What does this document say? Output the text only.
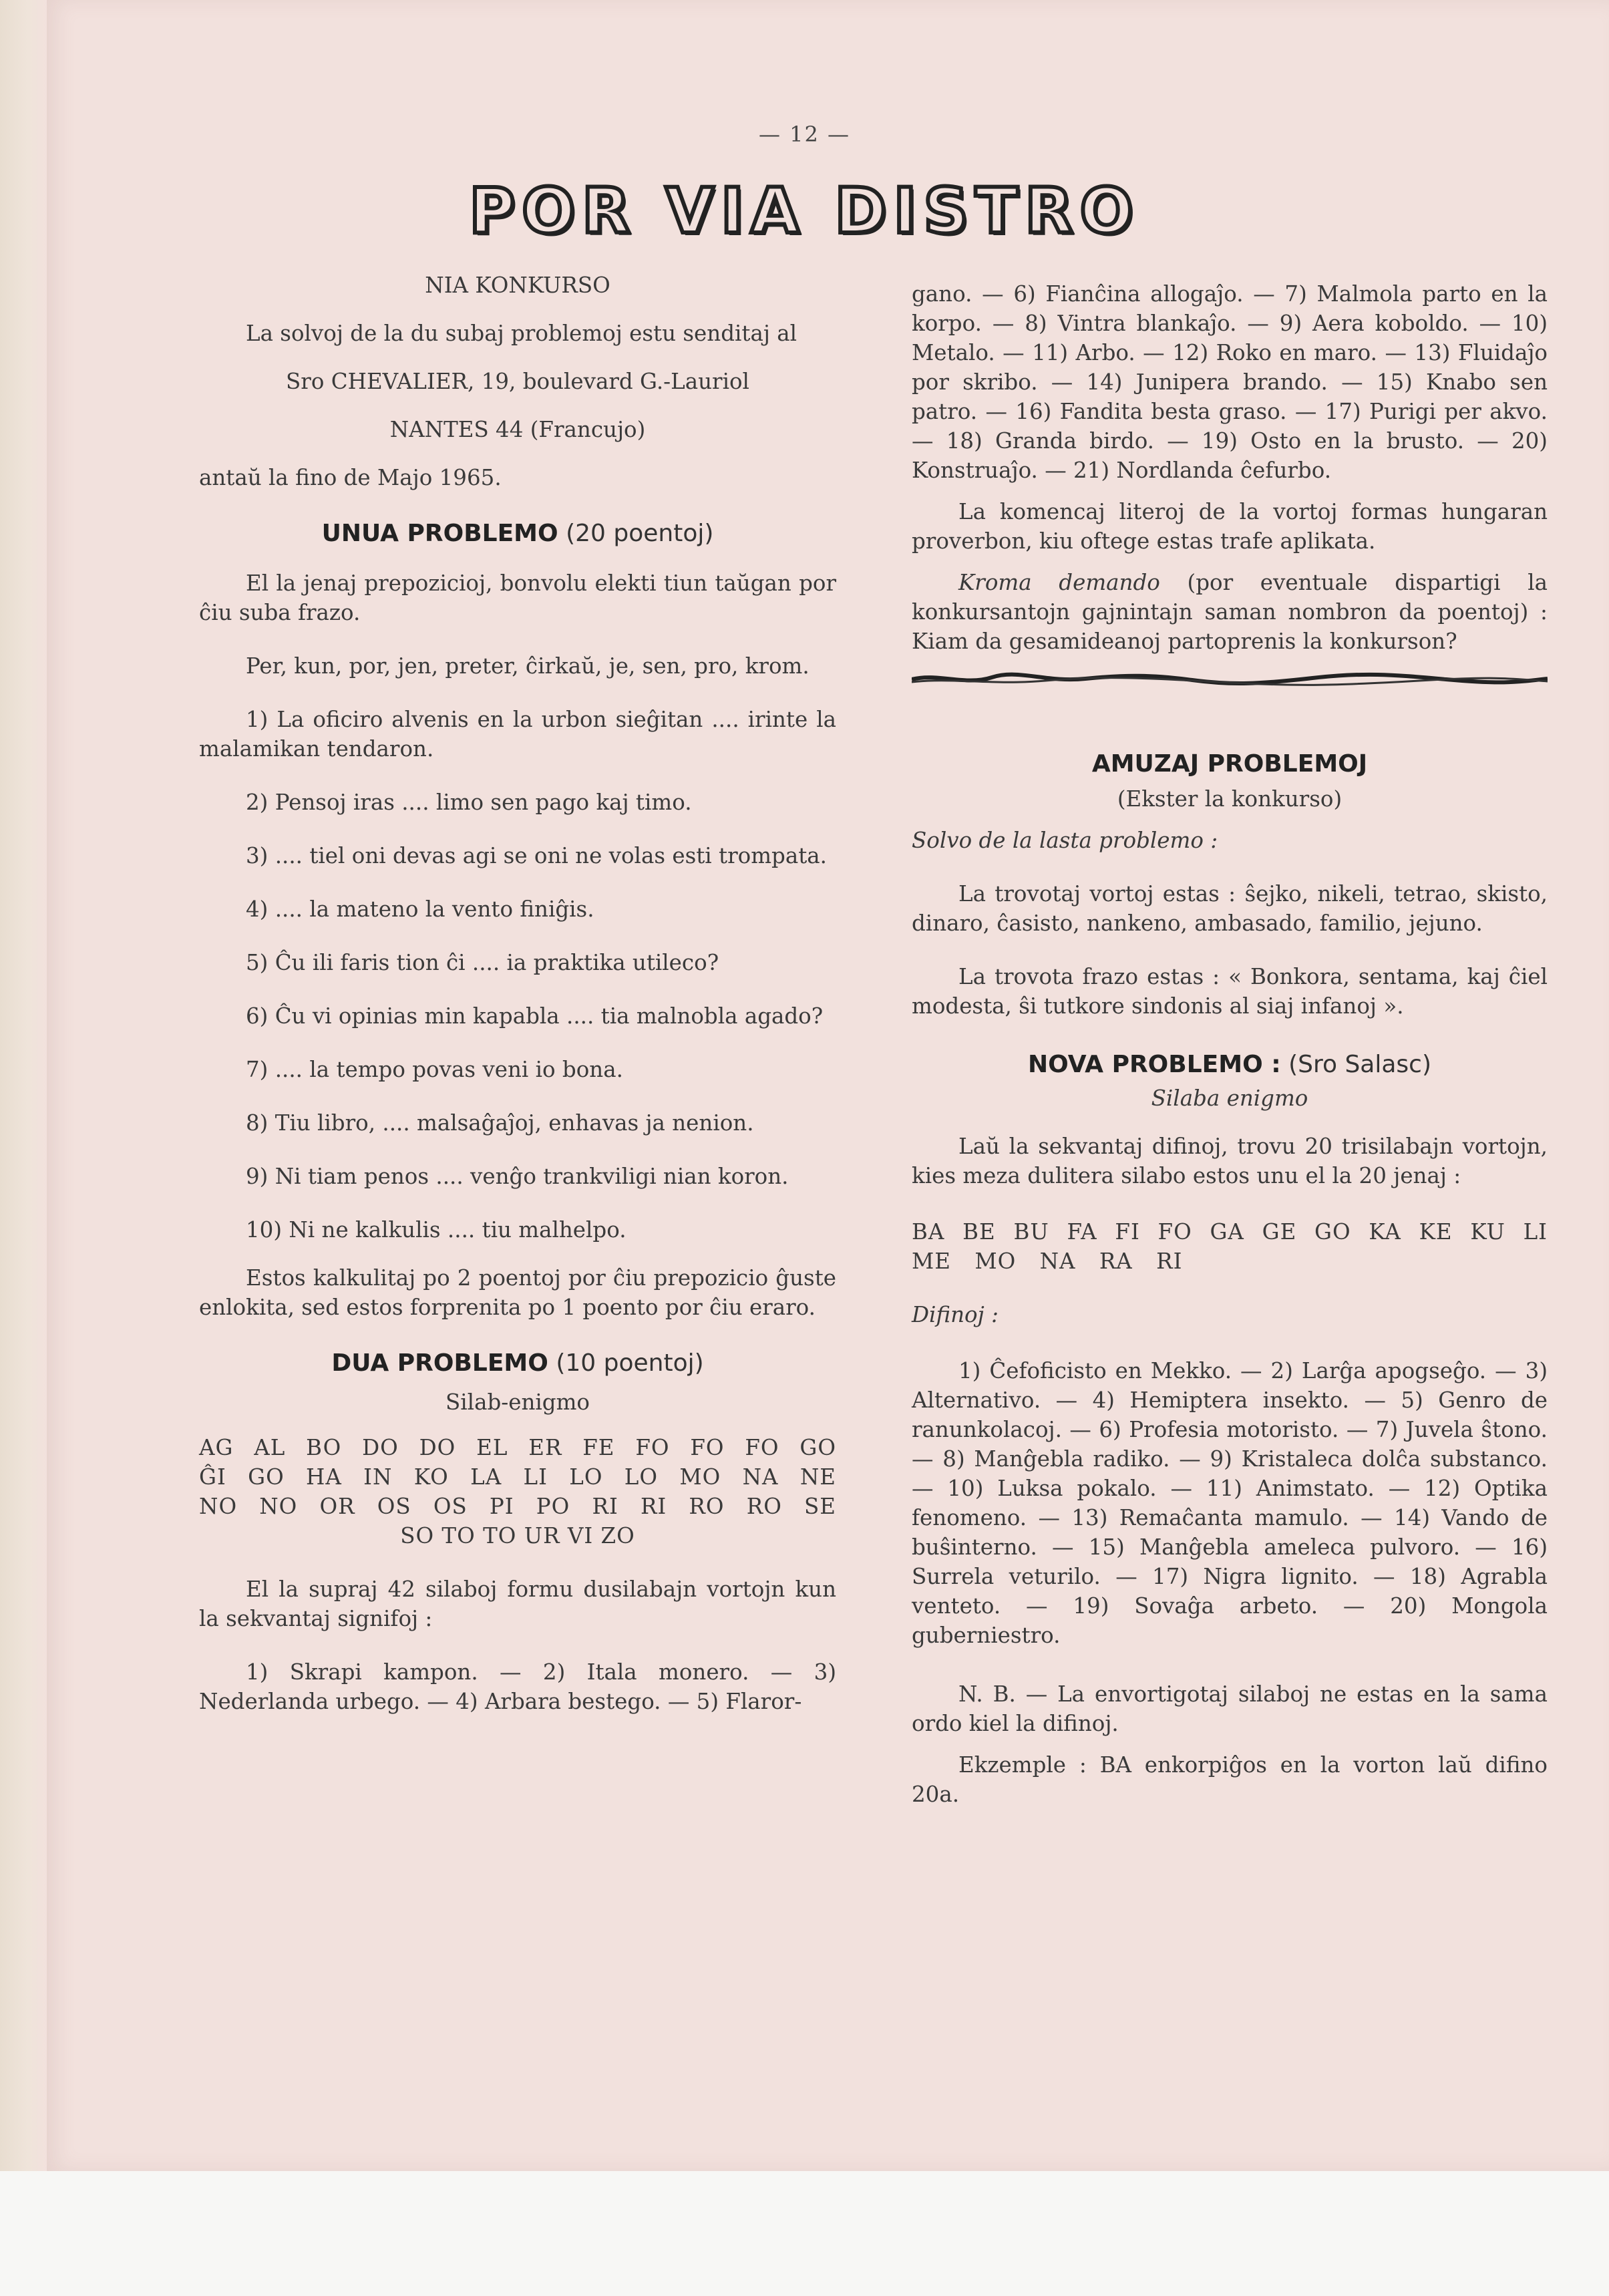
— 12 —
POR VIA DISTRO

NIA KONKURSO

La solvoj de la du subaj problemoj estu senditaj al

Sro CHEVALIER, 19, boulevard G.-Lauriol

NANTES 44 (Francujo)

antaŭ la fino de Majo 1965.

UNUA PROBLEMO (20 poentoj)

El la jenaj prepozicioj, bonvolu elekti tiun taŭgan por ĉiu suba frazo.

Per, kun, por, jen, preter, ĉirkaŭ, je, sen, pro, krom.

1) La oficiro alvenis en la urbon sieĝitan .... irinte la malamikan tendaron.

2) Pensoj iras .... limo sen pago kaj timo.

3) .... tiel oni devas agi se oni ne volas esti trompata.

4) .... la mateno la vento finiĝis.

5) Ĉu ili faris tion ĉi .... ia praktika utileco?

6) Ĉu vi opinias min kapabla .... tia malnobla agado?

7) .... la tempo povas veni io bona.

8) Tiu libro, .... malsaĝaĵoj, enhavas ja nenion.

9) Ni tiam penos .... venĝo trankviligi nian koron.

10) Ni ne kalkulis .... tiu malhelpo.

Estos kalkulitaj po 2 poentoj por ĉiu prepozicio ĝuste enlokita, sed estos forprenita po 1 poento por ĉiu eraro.

DUA PROBLEMO (10 poentoj)

Silab-enigmo

AG AL BO DO DO EL ER FE FO FO FO GO
ĜI GO HA IN KO LA LI LO LO MO NA NE
NO NO OR OS OS PI PO RI RI RO RO SE
SO TO TO UR VI ZO

El la supraj 42 silaboj formu dusilabajn vortojn kun la sekvantaj signifoj :

1) Skrapi kampon. — 2) Itala monero. — 3) Nederlanda urbego. — 4) Arbara bestego. — 5) Flaror-

gano. — 6) Fianĉina allogaĵo. — 7) Malmola parto en la korpo. — 8) Vintra blankaĵo. — 9) Aera koboldo. — 10) Metalo. — 11) Arbo. — 12) Roko en maro. — 13) Fluidaĵo por skribo. — 14) Junipera brando. — 15) Knabo sen patro. — 16) Fandita besta graso. — 17) Purigi per akvo. — 18) Granda birdo. — 19) Osto en la brusto. — 20) Konstruaĵo. — 21) Nordlanda ĉefurbo.

La komencaj literoj de la vortoj formas hungaran proverbon, kiu oftege estas trafe aplikata.

Kroma demando (por eventuale dispartigi la konkursantojn gajnintajn saman nombron da poentoj) : Kiam da gesamideanoj partoprenis la konkurson?

AMUZAJ PROBLEMOJ

(Ekster la konkurso)

Solvo de la lasta problemo :

La trovotaj vortoj estas : ŝejko, nikeli, tetrao, skisto, dinaro, ĉasisto, nankeno, ambasado, familio, jejuno.

La trovota frazo estas : « Bonkora, sentama, kaj ĉiel modesta, ŝi tutkore sindonis al siaj infanoj ».

NOVA PROBLEMO : (Sro Salasc)

Silaba enigmo

Laŭ la sekvantaj difinoj, trovu 20 trisilabajn vortojn, kies meza dulitera silabo estos unu el la 20 jenaj :

BA BE BU FA FI FO GA GE GO KA KE KU LI
ME MO NA RA RI

Difinoj :

1) Ĉefoficisto en Mekko. — 2) Larĝa apogseĝo. — 3) Alternativo. — 4) Hemiptera insekto. — 5) Genro de ranunkolacoj. — 6) Profesia motoristo. — 7) Juvela ŝtono. — 8) Manĝebla radiko. — 9) Kristaleca dolĉa substanco. — 10) Luksa pokalo. — 11) Animstato. — 12) Optika fenomeno. — 13) Remaĉanta mamulo. — 14) Vando de buŝinterno. — 15) Manĝebla ameleca pulvoro. — 16) Surrela veturilo. — 17) Nigra lignito. — 18) Agrabla venteto. — 19) Sovaĝa arbeto. — 20) Mongola guberniestro.

N. B. — La envortigotaj silaboj ne estas en la sama ordo kiel la difinoj.

Ekzemple : BA enkorpiĝos en la vorton laŭ difino 20a.
